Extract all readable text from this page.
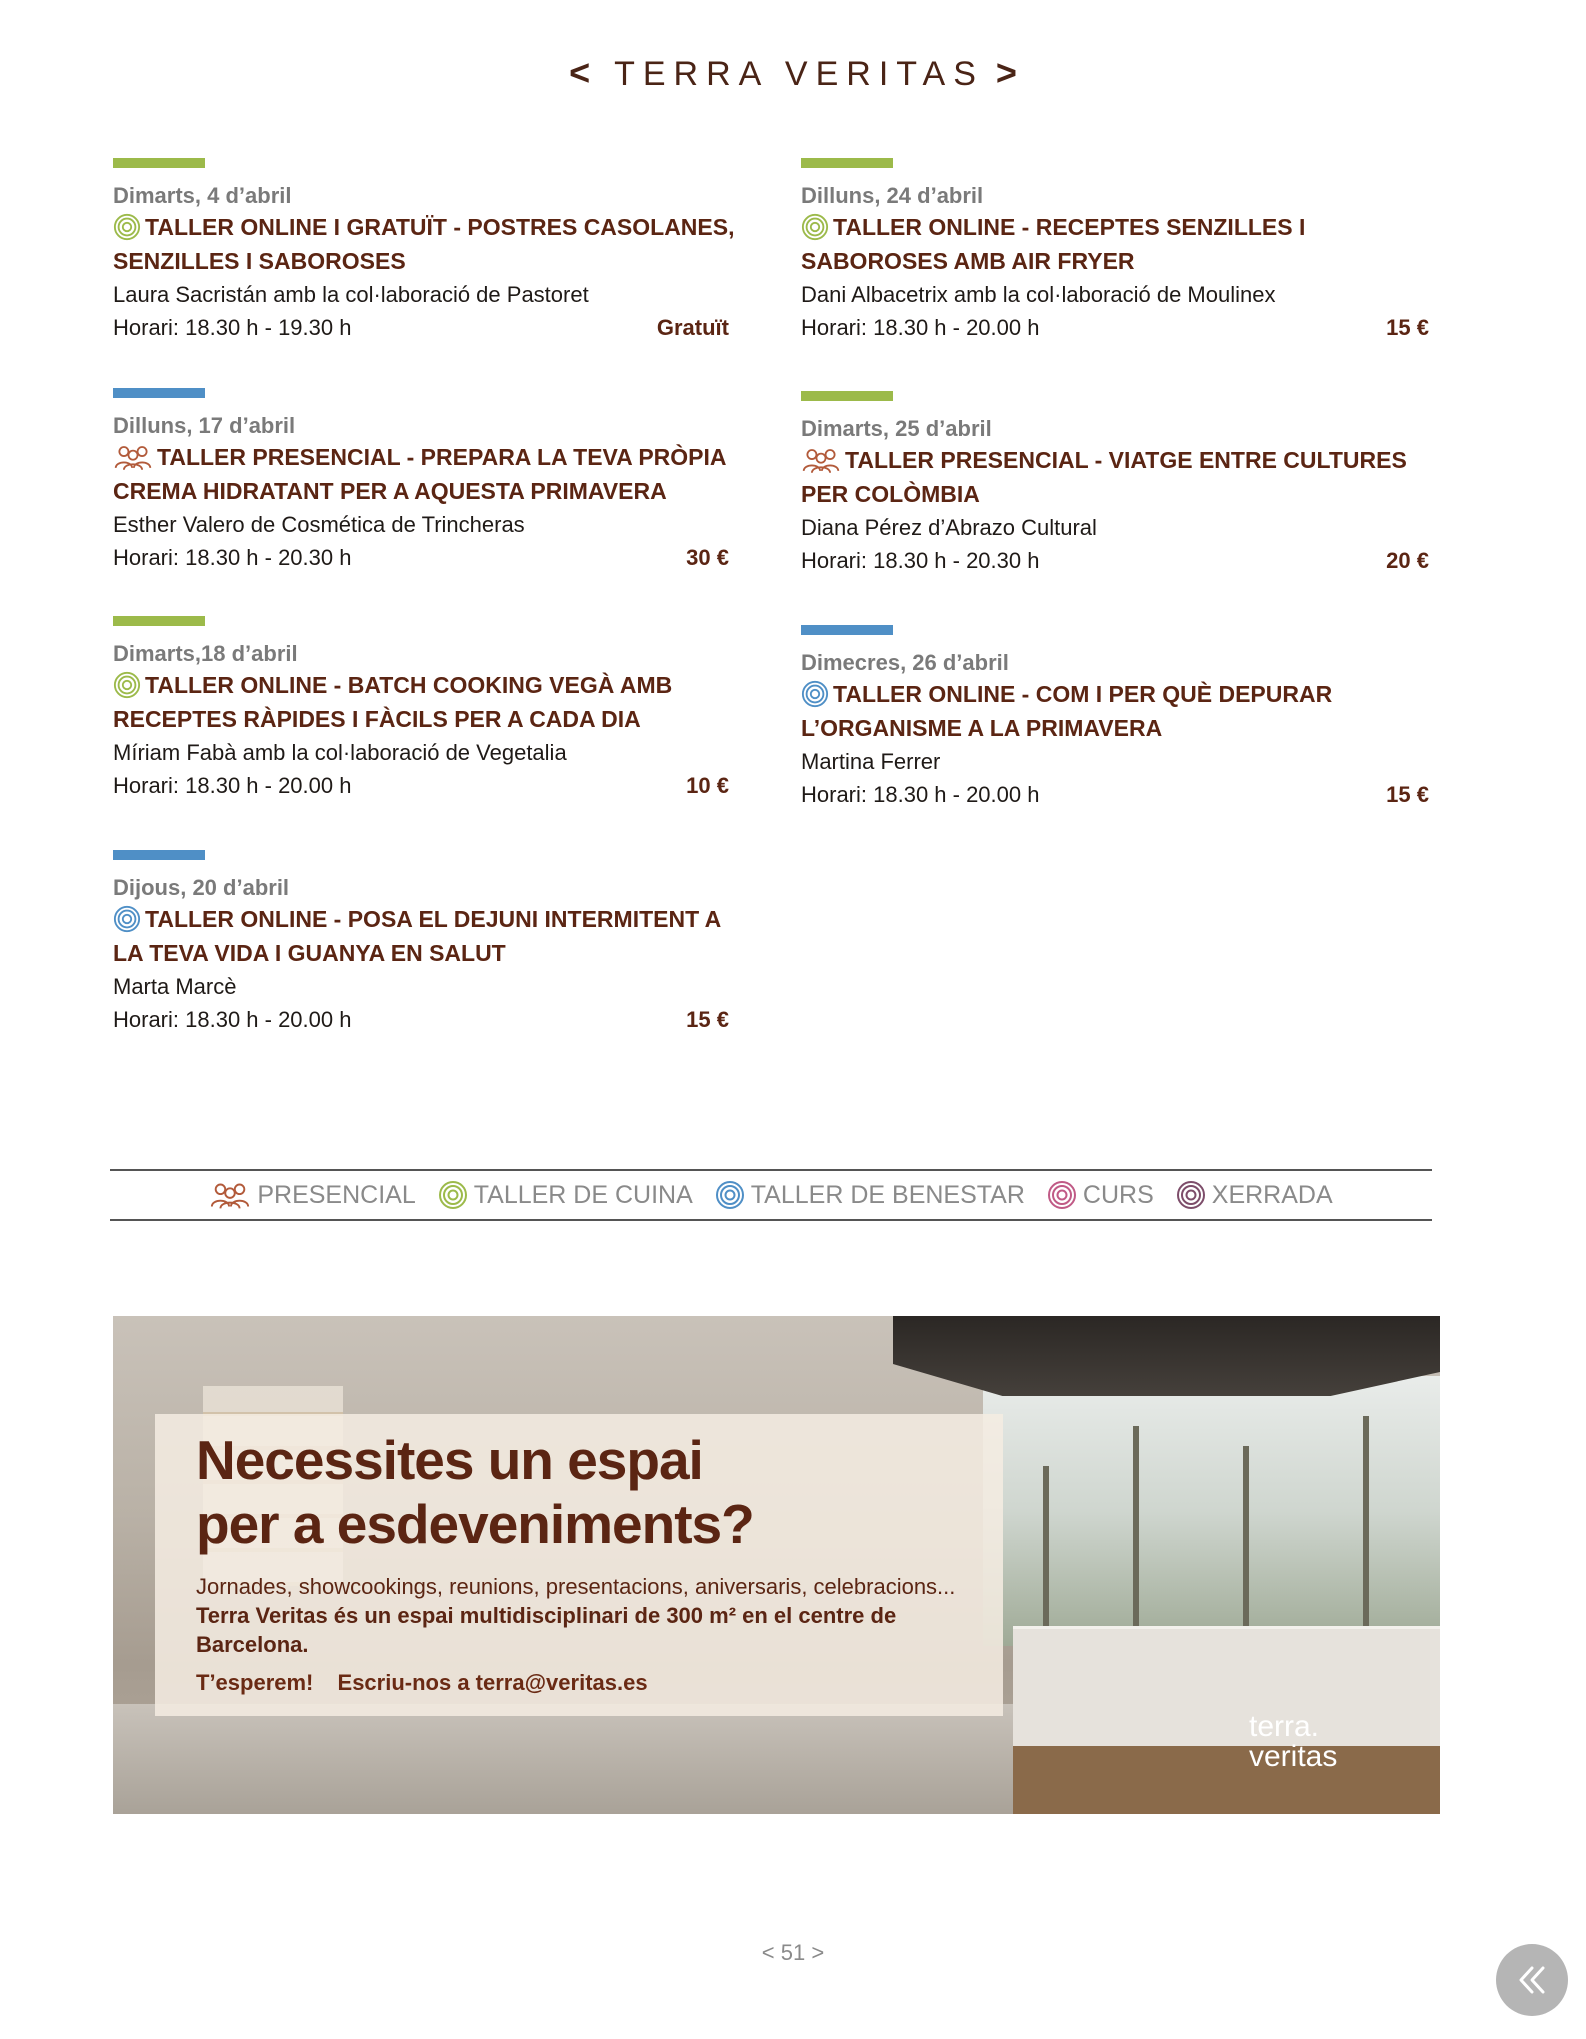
< TERRA VERITAS >
Dimarts, 4 d’abril
TALLER ONLINE I GRATUÏT - POSTRES CASOLANES, SENZILLES I SABOROSES
Laura Sacristán amb la col·laboració de Pastoret
Horari: 18.30 h - 19.30 h	Gratuït
Dilluns, 17 d’abril
TALLER PRESENCIAL - PREPARA LA TEVA PRÒPIA CREMA HIDRATANT PER A AQUESTA PRIMAVERA
Esther Valero de Cosmética de Trincheras
Horari: 18.30 h - 20.30 h	30 €
Dimarts,18 d’abril
TALLER ONLINE - BATCH COOKING VEGÀ AMB RECEPTES RÀPIDES I FÀCILS PER A CADA DIA
Míriam Fabà amb la col·laboració de Vegetalia
Horari: 18.30 h - 20.00 h	10 €
Dijous, 20 d’abril
TALLER ONLINE - POSA EL DEJUNI INTERMITENT A LA TEVA VIDA I GUANYA EN SALUT
Marta Marcè
Horari: 18.30 h - 20.00 h	15 €
Dilluns, 24 d’abril
TALLER ONLINE - RECEPTES SENZILLES I SABOROSES AMB AIR FRYER
Dani Albacetrix amb la col·laboració de Moulinex
Horari: 18.30 h - 20.00 h	15 €
Dimarts, 25 d’abril
TALLER PRESENCIAL - VIATGE ENTRE CULTURES PER COLÒMBIA
Diana Pérez d’Abrazo Cultural
Horari: 18.30 h - 20.30 h	20 €
Dimecres, 26 d’abril
TALLER ONLINE - COM I PER QUÈ DEPURAR L’ORGANISME A LA PRIMAVERA
Martina Ferrer
Horari: 18.30 h - 20.00 h	15 €
PRESENCIAL TALLER DE CUINA TALLER DE BENESTAR CURS XERRADA
Necessites un espai
per a esdeveniments?
Jornades, showcookings, reunions, presentacions, aniversaris, celebracions... Terra Veritas és un espai multidisciplinari de 300 m² en el centre de Barcelona.
T’esperem! Escriu-nos a terra@veritas.es
terra.
veritas
< 51 >
